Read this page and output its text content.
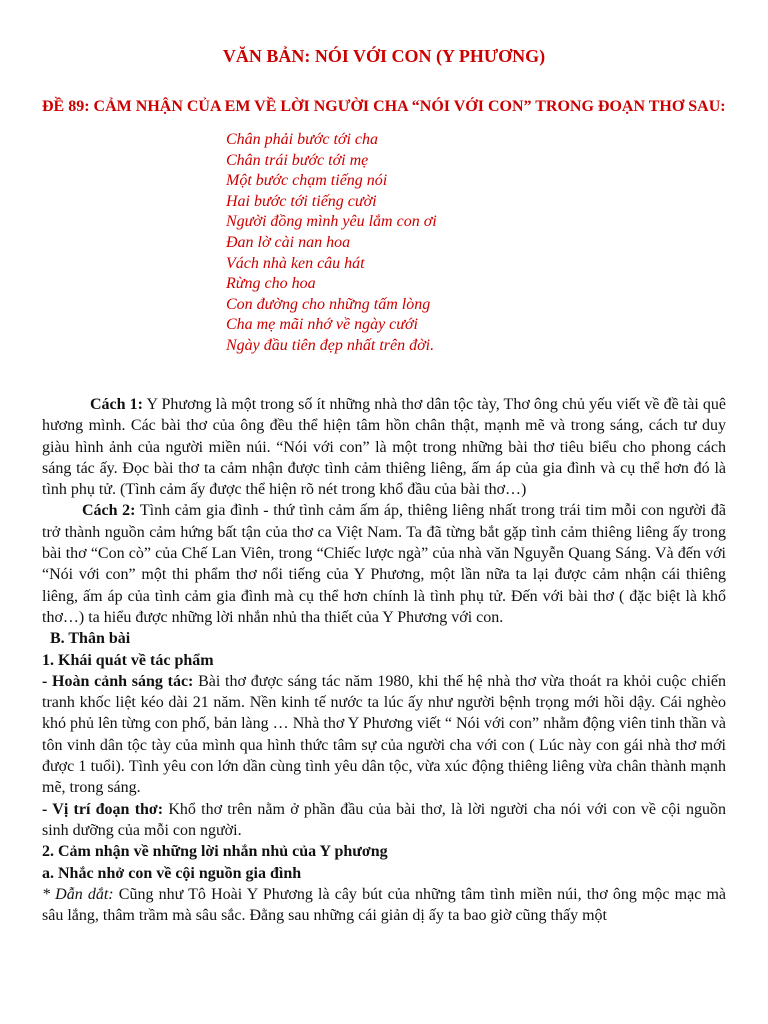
VĂN BẢN: NÓI VỚI CON (Y PHƯƠNG)
ĐỀ 89: CẢM NHẬN CỦA EM VỀ LỜI NGƯỜI CHA “NÓI VỚI CON” TRONG ĐOẠN THƠ SAU:
Chân phải bước tới cha
Chân trái bước tới mẹ
Một bước chạm tiếng nói
Hai bước tới tiếng cười
Người đồng mình yêu lắm con ơi
Đan lờ cài nan hoa
Vách nhà ken câu hát
Rừng cho hoa
Con đường cho những tấm lòng
Cha mẹ mãi nhớ về ngày cưới
Ngày đầu tiên đẹp nhất trên đời.

Cách 1: Y Phương là một trong số ít những nhà thơ dân tộc tày, Thơ ông chủ yếu viết về đề tài quê hương mình. Các bài thơ của ông đều thể hiện tâm hồn chân thật, mạnh mẽ và trong sáng, cách tư duy giàu hình ảnh của người miền núi. “Nói với con” là một trong những bài thơ tiêu biểu cho phong cách sáng tác ấy. Đọc bài thơ ta cảm nhận được tình cảm thiêng liêng, ấm áp của gia đình và cụ thể hơn đó là tình phụ tử. (Tình cảm ấy được thể hiện rõ nét trong khổ đầu của bài thơ…)

Cách 2: Tình cảm gia đình - thứ tình cảm ấm áp, thiêng liêng nhất trong trái tim mỗi con người đã trở thành nguồn cảm hứng bất tận của thơ ca Việt Nam. Ta đã từng bắt gặp tình cảm thiêng liêng ấy trong bài thơ “Con cò” của Chế Lan Viên, trong “Chiếc lược ngà” của nhà văn Nguyễn Quang Sáng. Và đến với “Nói với con” một thi phẩm thơ nổi tiếng của Y Phương, một lần nữa ta lại được cảm nhận cái thiêng liêng, ấm áp của tình cảm gia đình mà cụ thể hơn chính là tình phụ tử. Đến với bài thơ ( đặc biệt là khổ thơ…) ta hiểu được những lời nhắn nhủ tha thiết của Y Phương với con.

B. Thân bài

1. Khái quát về tác phẩm

- Hoàn cảnh sáng tác: Bài thơ được sáng tác năm 1980, khi thế hệ nhà thơ vừa thoát ra khỏi cuộc chiến tranh khốc liệt kéo dài 21 năm. Nền kinh tế nước ta lúc ấy như người bệnh trọng mới hồi dậy. Cái nghèo khó phủ lên từng con phố, bản làng … Nhà thơ Y Phương viết “ Nói với con” nhằm động viên tinh thần và tôn vinh dân tộc tày của mình qua hình thức tâm sự của người cha với con ( Lúc này con gái nhà thơ mới được 1 tuổi). Tình yêu con lớn dần cùng tình yêu dân tộc, vừa xúc động thiêng liêng vừa chân thành mạnh mẽ, trong sáng.

- Vị trí đoạn thơ: Khổ thơ trên nằm ở phần đầu của bài thơ, là lời người cha nói với con về cội nguồn sinh dưỡng của mỗi con người.

2. Cảm nhận về những lời nhắn nhủ của Y phương

a. Nhắc nhở con về cội nguồn gia đình

* Dẫn dắt: Cũng như Tô Hoài Y Phương là cây bút của những tâm tình miền núi, thơ ông mộc mạc mà sâu lắng, thâm trầm mà sâu sắc. Đằng sau những cái giản dị ấy ta bao giờ cũng thấy một
